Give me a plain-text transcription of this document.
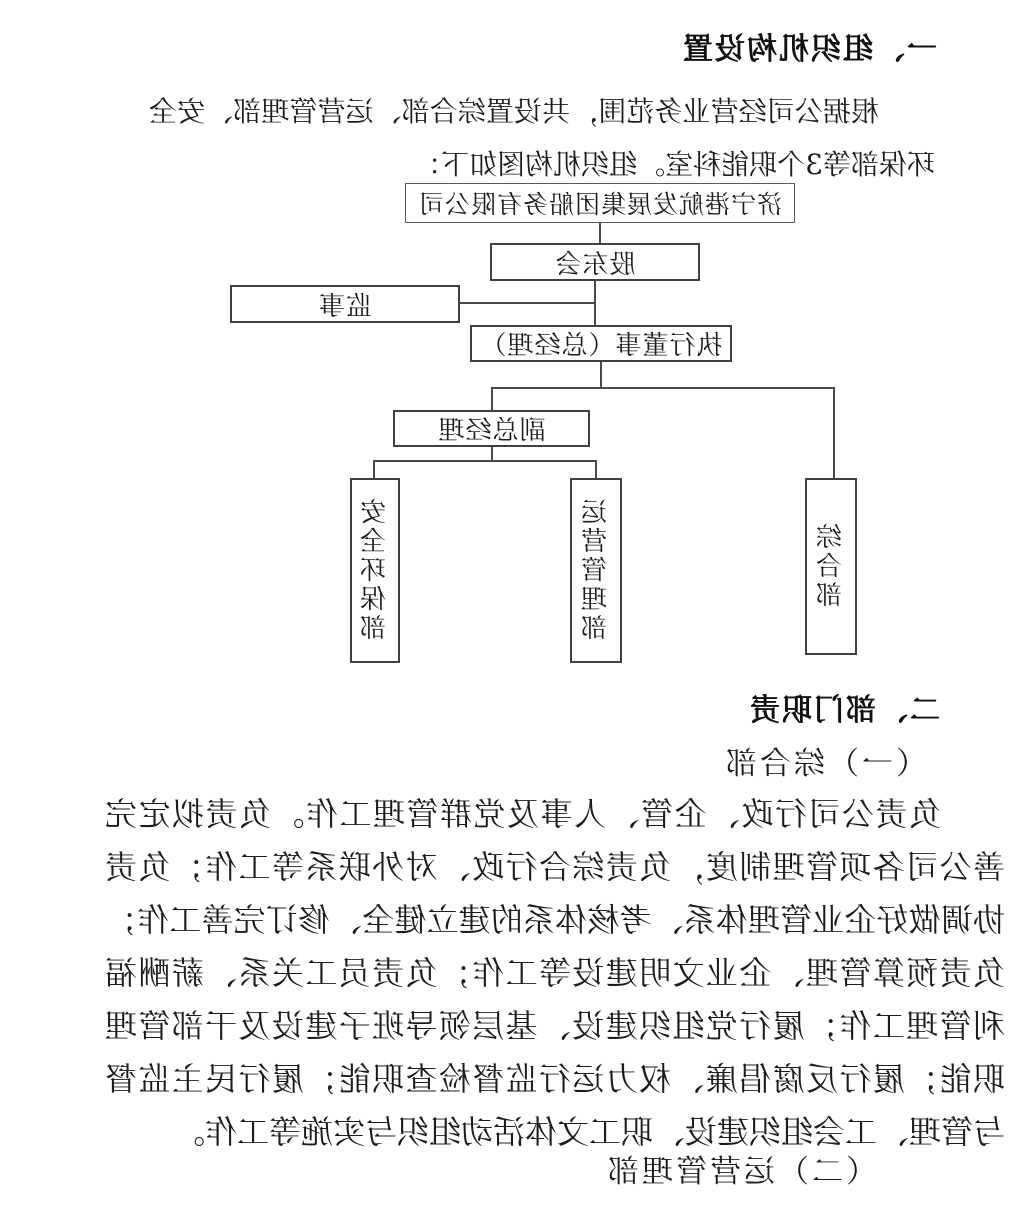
一、组织机构设置
根据公司经营业务范围，共设置综合部、运营管理部、安全
环保部等3个职能科室。组织机构图如下：
济宁港航发展集团船务有限公司
股东会
监事
执行董事（总经理）
副总经理
综合部
运营管理部
安全环保部
二、部门职责
（一）综合部
负责公司行政、企管、人事及党群管理工作。负责拟定完
善公司各项管理制度，负责综合行政、对外联系等工作；负责
协调做好企业管理体系、考核体系的建立健全、修订完善工作；
负责预算管理、企业文明建设等工作；负责员工关系、薪酬福
利管理工作；履行党组织建设、基层领导班子建设及干部管理
职能；履行反腐倡廉、权力运行监督检查职能；履行民主监督
与管理、工会组织建设、职工文体活动组织与实施等工作。
（二）运营管理部
